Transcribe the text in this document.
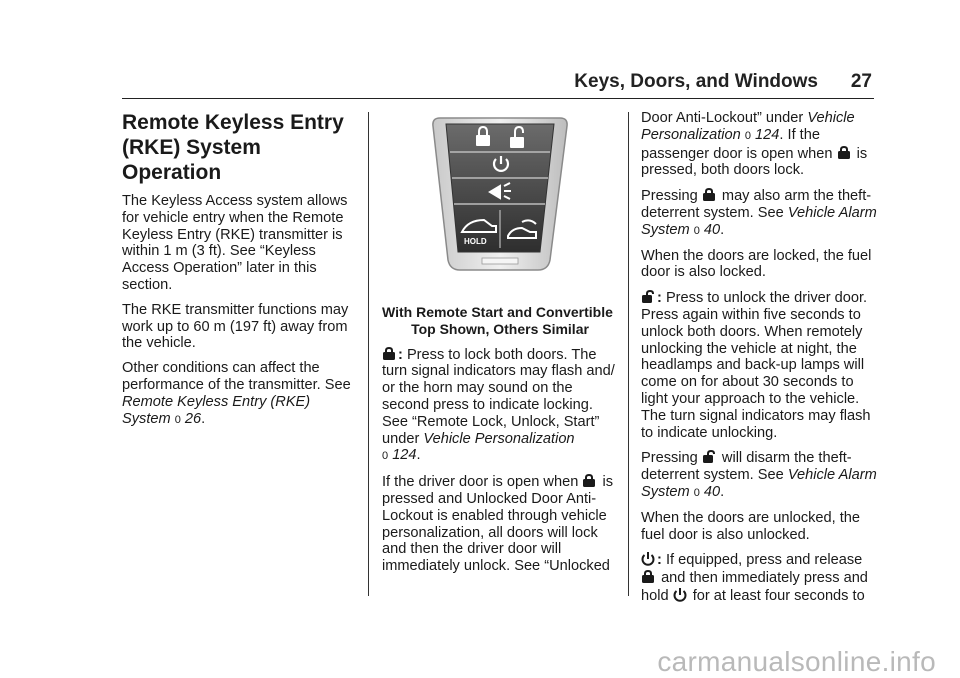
Keys, Doors, and Windows 27
Remote Keyless Entry
(RKE) System Operation

The Keyless Access system allows for vehicle entry when the Remote Keyless Entry (RKE) transmitter is within 1 m (3 ft). See “Keyless Access Operation” later in this section.

The RKE transmitter functions may work up to 60 m (197 ft) away from the vehicle.

Other conditions can affect the performance of the transmitter. See Remote Keyless Entry (RKE) System 0 26.

HOLD

With Remote Start and Convertible
Top Shown, Others Similar

: Press to lock both doors. The turn signal indicators may flash and/ or the horn may sound on the second press to indicate locking. See “Remote Lock, Unlock, Start” under Vehicle Personalization
0 124.

If the driver door is open when is pressed and Unlocked Door Anti-Lockout is enabled through vehicle personalization, all doors will lock and then the driver door will immediately unlock. See “Unlocked

Door Anti-Lockout” under Vehicle Personalization 0 124. If the passenger door is open when is pressed, both doors lock.

Pressing may also arm the theft-deterrent system. See Vehicle Alarm System 0 40.

When the doors are locked, the fuel door is also locked.

: Press to unlock the driver door. Press again within five seconds to unlock both doors. When remotely unlocking the vehicle at night, the headlamps and back-up lamps will come on for about 30 seconds to light your approach to the vehicle. The turn signal indicators may flash to indicate unlocking.

Pressing will disarm the theft-deterrent system. See Vehicle Alarm System 0 40.

When the doors are unlocked, the fuel door is also unlocked.

: If equipped, press and release  and then immediately press and hold for at least four seconds to

carmanualsonline.info
